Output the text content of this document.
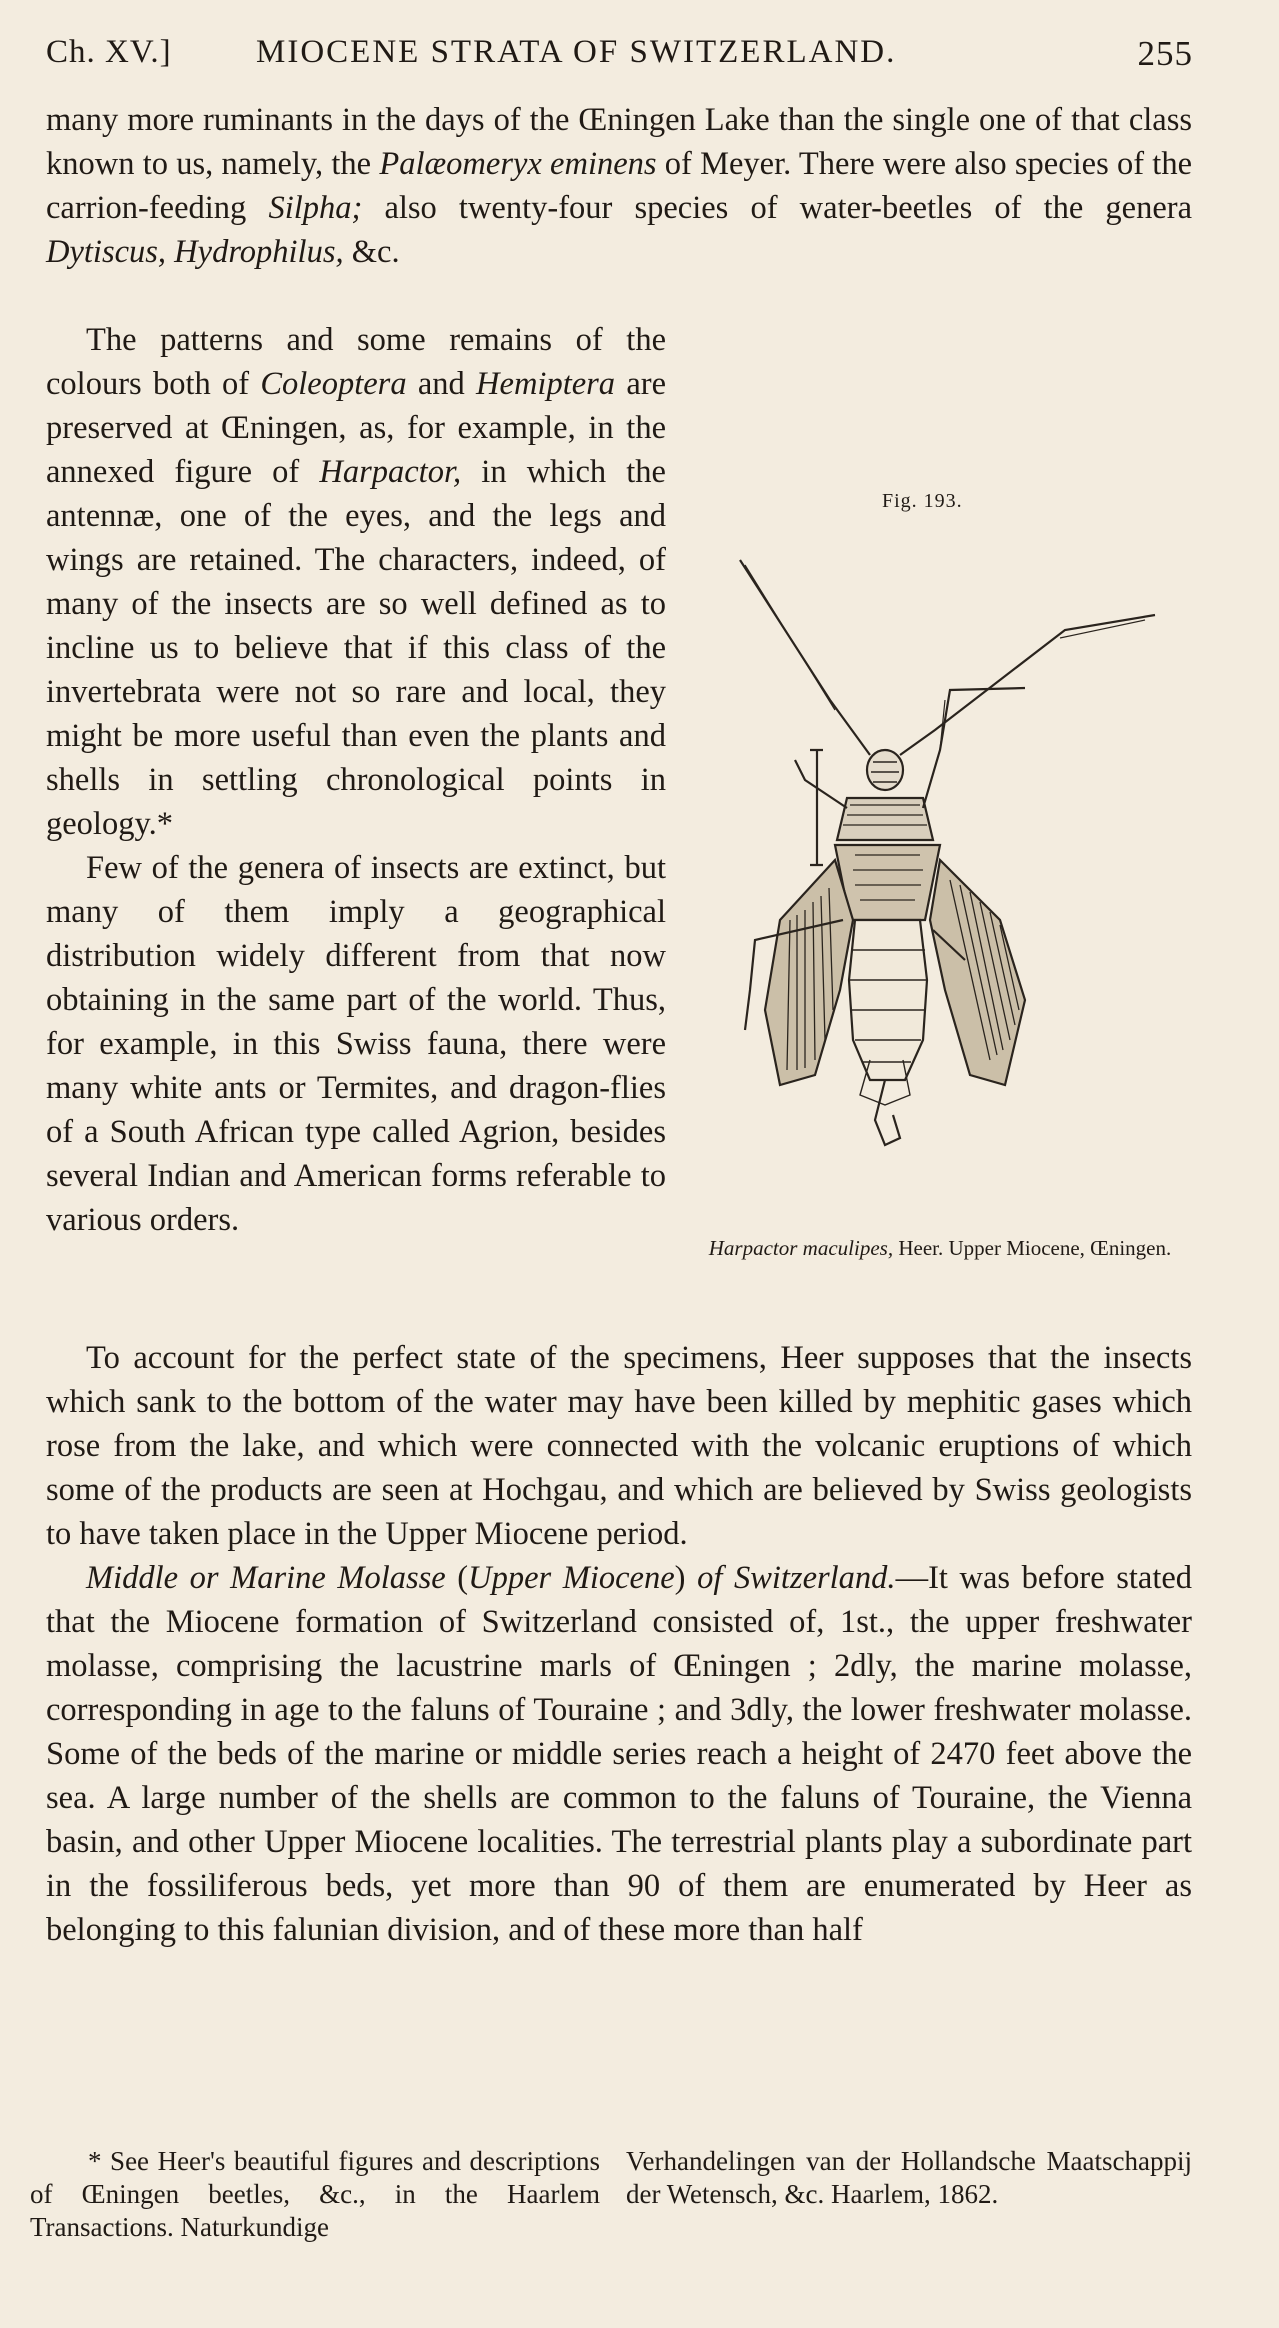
Ch. XV.]	MIOCENE STRATA OF SWITZERLAND.	255

many more ruminants in the days of the Œningen Lake than the single one of that class known to us, namely, the Palæomeryx eminens of Meyer. There were also species of the carrion-feeding Silpha; also twenty-four species of water-beetles of the genera Dytiscus, Hydrophilus, &c.

The patterns and some remains of the colours both of Coleoptera and Hemiptera are preserved at Œningen, as, for example, in the annexed figure of Harpactor, in which the antennæ, one of the eyes, and the legs and wings are retained. The characters, indeed, of many of the insects are so well defined as to incline us to believe that if this class of the invertebrata were not so rare and local, they might be more useful than even the plants and shells in settling chronological points in geology.*

Fig. 193.
Harpactor maculipes, Heer. Upper Miocene, Œningen.

Few of the genera of insects are extinct, but many of them imply a geographical distribution widely different from that now obtaining in the same part of the world. Thus, for example, in this Swiss fauna, there were many white ants or Termites, and dragon-flies of a South African type called Agrion, besides several Indian and American forms referable to various orders.

To account for the perfect state of the specimens, Heer supposes that the insects which sank to the bottom of the water may have been killed by mephitic gases which rose from the lake, and which were connected with the volcanic eruptions of which some of the products are seen at Hochgau, and which are believed by Swiss geologists to have taken place in the Upper Miocene period.

Middle or Marine Molasse (Upper Miocene) of Switzerland.—It was before stated that the Miocene formation of Switzerland consisted of, 1st., the upper freshwater molasse, comprising the lacustrine marls of Œningen ; 2dly, the marine molasse, corresponding in age to the faluns of Touraine ; and 3dly, the lower freshwater molasse. Some of the beds of the marine or middle series reach a height of 2470 feet above the sea. A large number of the shells are common to the faluns of Touraine, the Vienna basin, and other Upper Miocene localities. The terrestrial plants play a subordinate part in the fossiliferous beds, yet more than 90 of them are enumerated by Heer as belonging to this falunian division, and of these more than half

* See Heer's beautiful figures and descriptions of Œningen beetles, &c., in the Haarlem Transactions. Naturkundige
Verhandelingen van der Hollandsche Maatschappij der Wetensch, &c. Haarlem, 1862.
